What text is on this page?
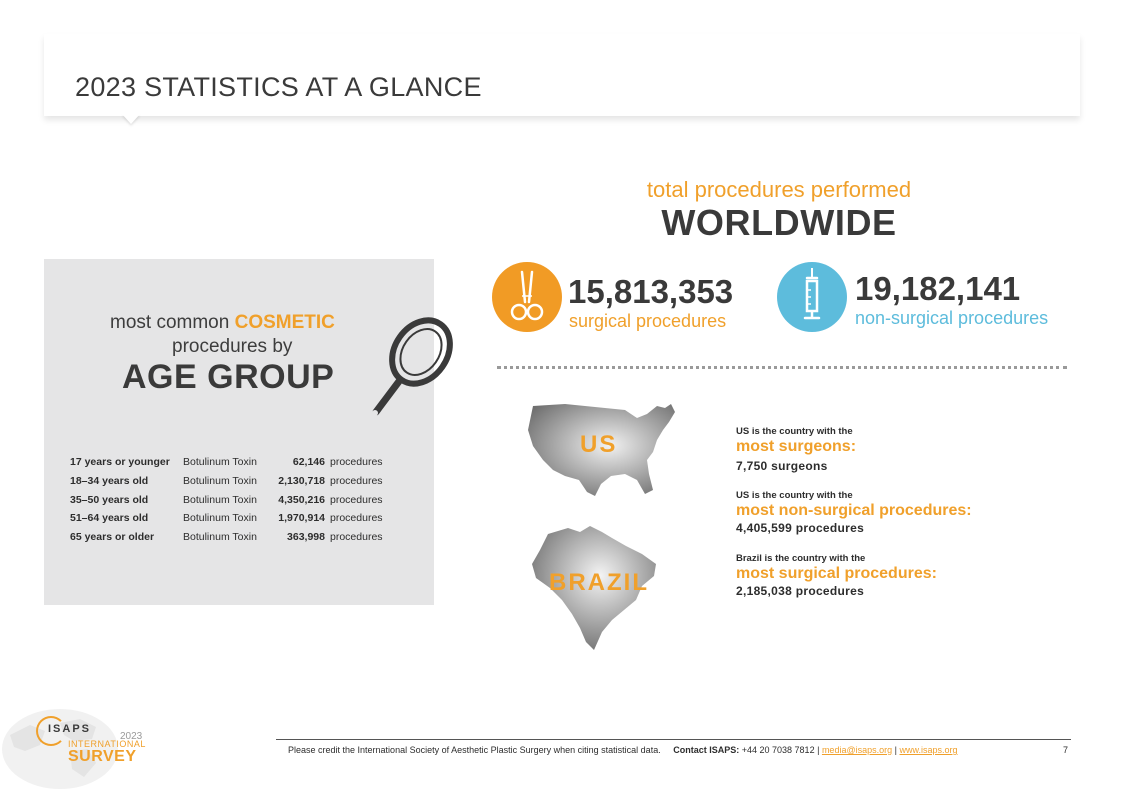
2023 STATISTICS AT A GLANCE
most common COSMETIC
procedures by
AGE GROUP
17 years or younger Botulinum Toxin	62,146 procedures
18–34 years old	Botulinum Toxin	2,130,718 procedures
35–50 years old	Botulinum Toxin	4,350,216 procedures
51–64 years old	Botulinum Toxin	1,970,914 procedures
65 years or older	Botulinum Toxin	363,998 procedures
total procedures performed
WORLDWIDE
15,813,353
surgical procedures
19,182,141
non-surgical procedures
US
BRAZIL
US is the country with the
most surgeons:
7,750 surgeons
US is the country with the
most non-surgical procedures:
4,405,599 procedures
Brazil is the country with the
most surgical procedures:
2,185,038 procedures
ISAPS
2023
INTERNATIONAL
SURVEY	Please credit the International Society of Aesthetic Plastic Surgery when citing statistical data. Contact ISAPS: +44 20 7038 7812 | media@isaps.org | www.isaps.org	7
